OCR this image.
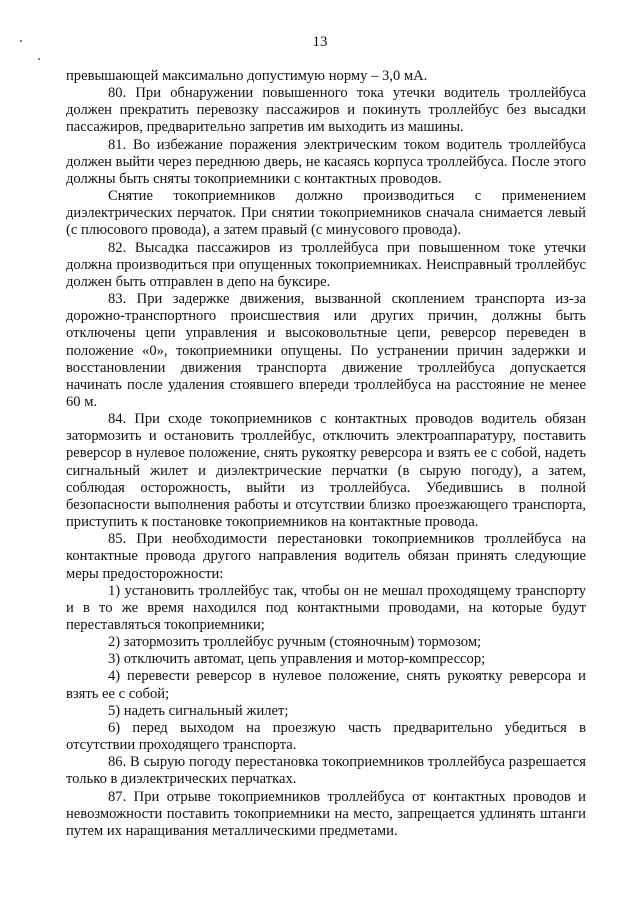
13

превышающей максимально допустимую норму – 3,0 мА.

80. При обнаружении повышенного тока утечки водитель троллейбуса должен прекратить перевозку пассажиров и покинуть троллейбус без высадки пассажиров, предварительно запретив им выходить из машины.

81. Во избежание поражения электрическим током водитель троллейбуса должен выйти через переднюю дверь, не касаясь корпуса троллейбуса. После этого должны быть сняты токоприемники с контактных проводов.

Снятие токоприемников должно производиться с применением диэлектрических перчаток. При снятии токоприемников сначала снимается левый (с плюсового провода), а затем правый (с минусового провода).

82. Высадка пассажиров из троллейбуса при повышенном токе утечки должна производиться при опущенных токоприемниках. Неисправный троллейбус должен быть отправлен в депо на буксире.

83. При задержке движения, вызванной скоплением транспорта из-за дорожно-транспортного происшествия или других причин, должны быть отключены цепи управления и высоковольтные цепи, реверсор переведен в положение «0», токоприемники опущены. По устранении причин задержки и восстановлении движения транспорта движение троллейбуса допускается начинать после удаления стоявшего впереди троллейбуса на расстояние не менее 60 м.

84. При сходе токоприемников с контактных проводов водитель обязан затормозить и остановить троллейбус, отключить электроаппаратуру, поставить реверсор в нулевое положение, снять рукоятку реверсора и взять ее с собой, надеть сигнальный жилет и диэлектрические перчатки (в сырую погоду), а затем, соблюдая осторожность, выйти из троллейбуса. Убедившись в полной безопасности выполнения работы и отсутствии близко проезжающего транспорта, приступить к постановке токоприемников на контактные провода.

85. При необходимости перестановки токоприемников троллейбуса на контактные провода другого направления водитель обязан принять следующие меры предосторожности:

1) установить троллейбус так, чтобы он не мешал проходящему транспорту и в то же время находился под контактными проводами, на которые будут переставляться токоприемники;

2) затормозить троллейбус ручным (стояночным) тормозом;

3) отключить автомат, цепь управления и мотор-компрессор;

4) перевести реверсор в нулевое положение, снять рукоятку реверсора и взять ее с собой;

5) надеть сигнальный жилет;

6) перед выходом на проезжую часть предварительно убедиться в отсутствии проходящего транспорта.

86. В сырую погоду перестановка токоприемников троллейбуса разрешается только в диэлектрических перчатках.

87. При отрыве токоприемников троллейбуса от контактных проводов и невозможности поставить токоприемники на место, запрещается удлинять штанги путем их наращивания металлическими предметами.
